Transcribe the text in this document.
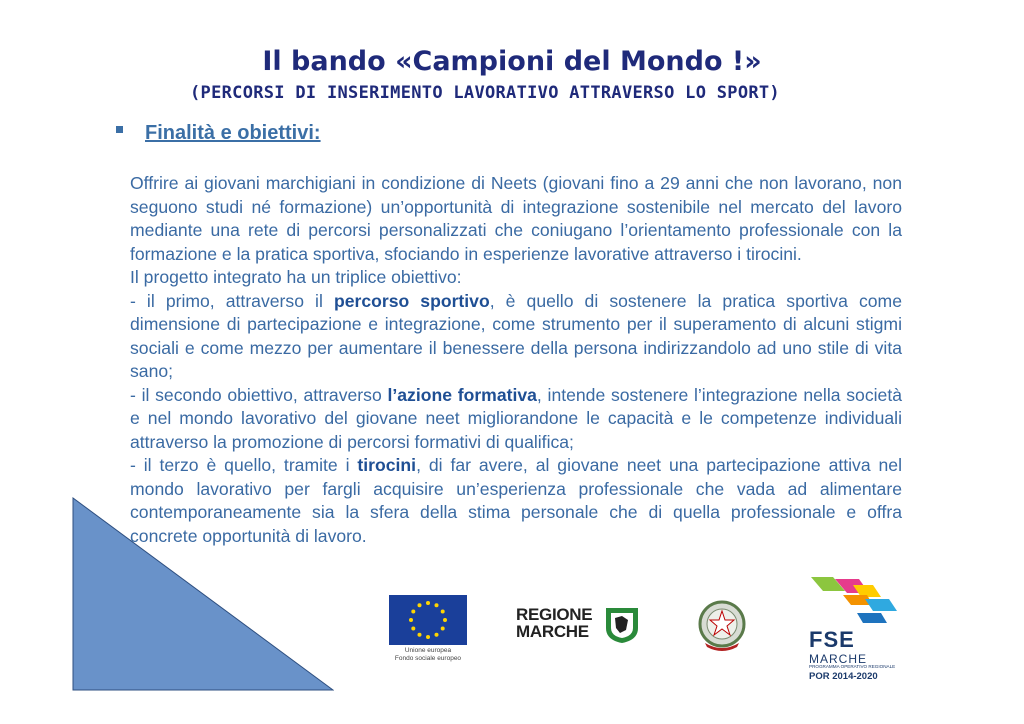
Il bando «Campioni del Mondo !»
(PERCORSI DI INSERIMENTO LAVORATIVO ATTRAVERSO LO SPORT)
Finalità e obiettivi:

Offrire ai giovani marchigiani in condizione di Neets (giovani fino a 29 anni che non lavorano, non seguono studi né formazione) un’opportunità di integrazione sostenibile nel mercato del lavoro mediante una rete di percorsi personalizzati che coniugano l’orientamento professionale con la formazione e la pratica sportiva, sfociando in esperienze lavorative attraverso i tirocini.

Il progetto integrato ha un triplice obiettivo:

- il primo, attraverso il percorso sportivo, è quello di sostenere la pratica sportiva come dimensione di partecipazione e integrazione, come strumento per il superamento di alcuni stigmi sociali e come mezzo per aumentare il benessere della persona indirizzandolo ad uno stile di vita sano;

- il secondo obiettivo, attraverso l’azione formativa, intende sostenere l’integrazione nella società e nel mondo lavorativo del giovane neet migliorandone le capacità e le competenze individuali attraverso la promozione di percorsi formativi di qualifica;

- il terzo è quello, tramite i tirocini, di far avere, al giovane neet una partecipazione attiva nel mondo lavorativo per fargli acquisire un’esperienza professionale che vada ad alimentare contemporaneamente sia la sfera della stima personale che di quella professionale e offra concrete opportunità di lavoro.

Unione europea
Fondo sociale europeo
REGIONE
MARCHE	FSE
MARCHE
PROGRAMMA OPERATIVO REGIONALE
POR 2014-2020
